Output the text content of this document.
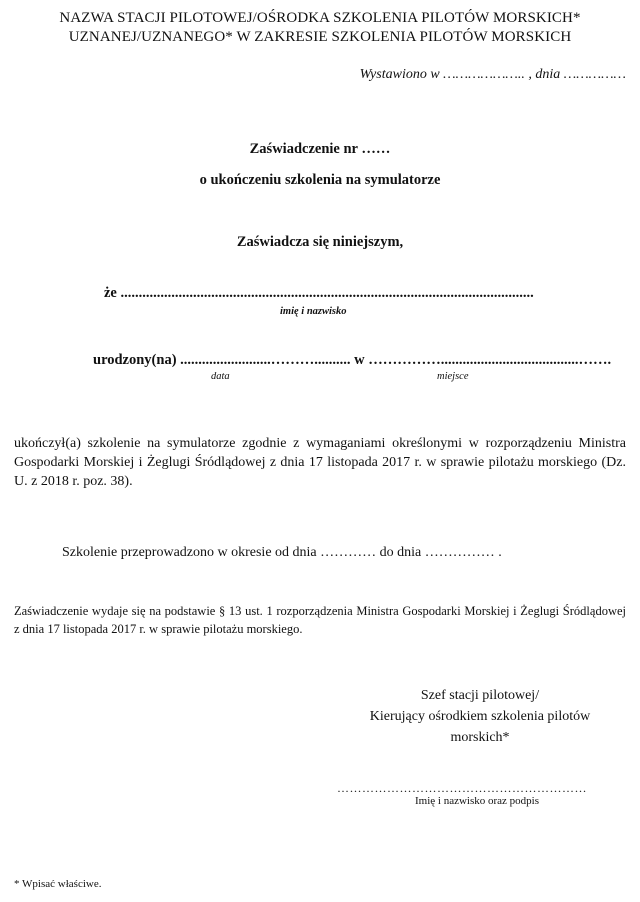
NAZWA STACJI PILOTOWEJ/OŚRODKA SZKOLENIA PILOTÓW MORSKICH*
UZNANEJ/UZNANEGO* W ZAKRESIE SZKOLENIA PILOTÓW MORSKICH
Wystawiono w ……………….. , dnia ……………
Zaświadczenie nr ……
o ukończeniu szkolenia na symulatorze
Zaświadcza się niniejszym,
że ..................................................................................................................
imię i nazwisko
urodzony(na) .........................……….......... w ……………......................................…….
data	miejsce
ukończył(a) szkolenie na symulatorze zgodnie z wymaganiami określonymi w rozporządzeniu Ministra Gospodarki Morskiej i Żeglugi Śródlądowej z dnia 17 listopada 2017 r. w sprawie pilotażu morskiego (Dz. U. z 2018 r. poz. 38).
Szkolenie przeprowadzono w okresie od dnia ………… do dnia …………… .
Zaświadczenie wydaje się na podstawie § 13 ust. 1 rozporządzenia Ministra Gospodarki Morskiej i Żeglugi Śródlądowej z dnia 17 listopada 2017 r. w sprawie pilotażu morskiego.
Szef stacji pilotowej/
Kierujący ośrodkiem szkolenia pilotów
morskich*
……………………………………………………
Imię i nazwisko oraz podpis
* Wpisać właściwe.
